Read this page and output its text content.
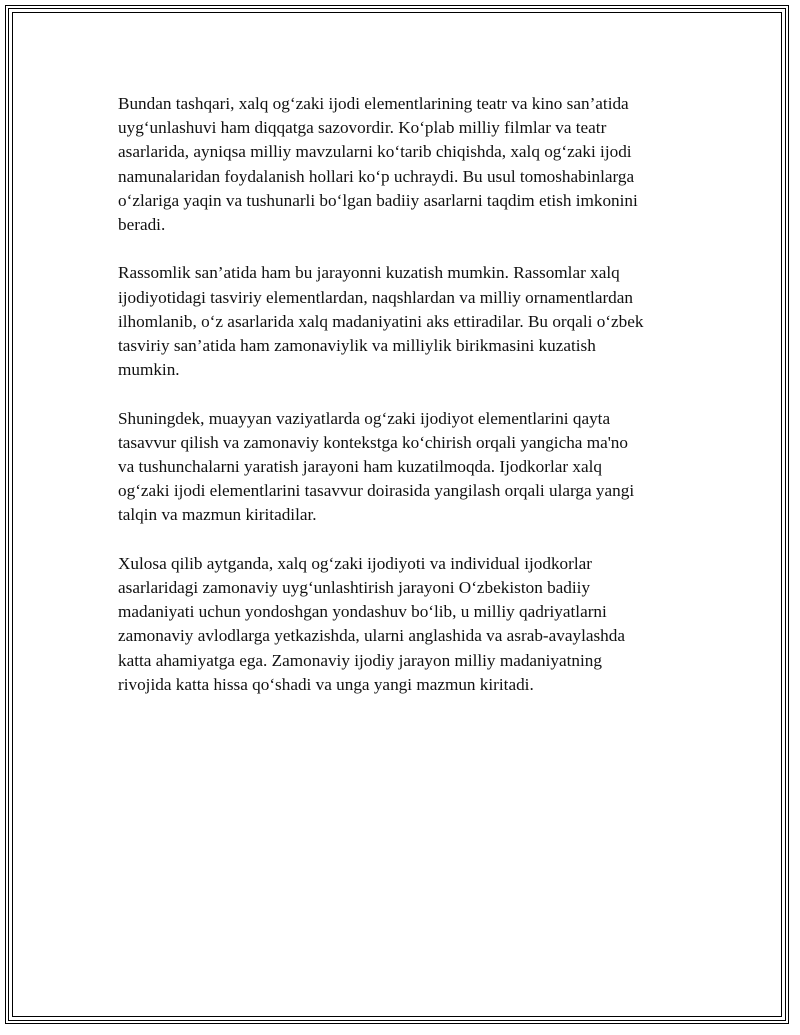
Bundan tashqari, xalq og‘zaki ijodi elementlarining teatr va kino san’atida
uyg‘unlashuvi ham diqqatga sazovordir. Ko‘plab milliy filmlar va teatr
asarlarida, ayniqsa milliy mavzularni ko‘tarib chiqishda, xalq og‘zaki ijodi
namunalaridan foydalanish hollari ko‘p uchraydi. Bu usul tomoshabinlarga
o‘zlariga yaqin va tushunarli bo‘lgan badiiy asarlarni taqdim etish imkonini
beradi.

Rassomlik san’atida ham bu jarayonni kuzatish mumkin. Rassomlar xalq
ijodiyotidagi tasviriy elementlardan, naqshlardan va milliy ornamentlardan
ilhomlanib, o‘z asarlarida xalq madaniyatini aks ettiradilar. Bu orqali o‘zbek
tasviriy san’atida ham zamonaviylik va milliylik birikmasini kuzatish
mumkin.

Shuningdek, muayyan vaziyatlarda og‘zaki ijodiyot elementlarini qayta
tasavvur qilish va zamonaviy kontekstga ko‘chirish orqali yangicha ma'no
va tushunchalarni yaratish jarayoni ham kuzatilmoqda. Ijodkorlar xalq
og‘zaki ijodi elementlarini tasavvur doirasida yangilash orqali ularga yangi
talqin va mazmun kiritadilar.

Xulosa qilib aytganda, xalq og‘zaki ijodiyoti va individual ijodkorlar
asarlaridagi zamonaviy uyg‘unlashtirish jarayoni O‘zbekiston badiiy
madaniyati uchun yondoshgan yondashuv bo‘lib, u milliy qadriyatlarni
zamonaviy avlodlarga yetkazishda, ularni anglashida va asrab-avaylashda
katta ahamiyatga ega. Zamonaviy ijodiy jarayon milliy madaniyatning
rivojida katta hissa qo‘shadi va unga yangi mazmun kiritadi.
